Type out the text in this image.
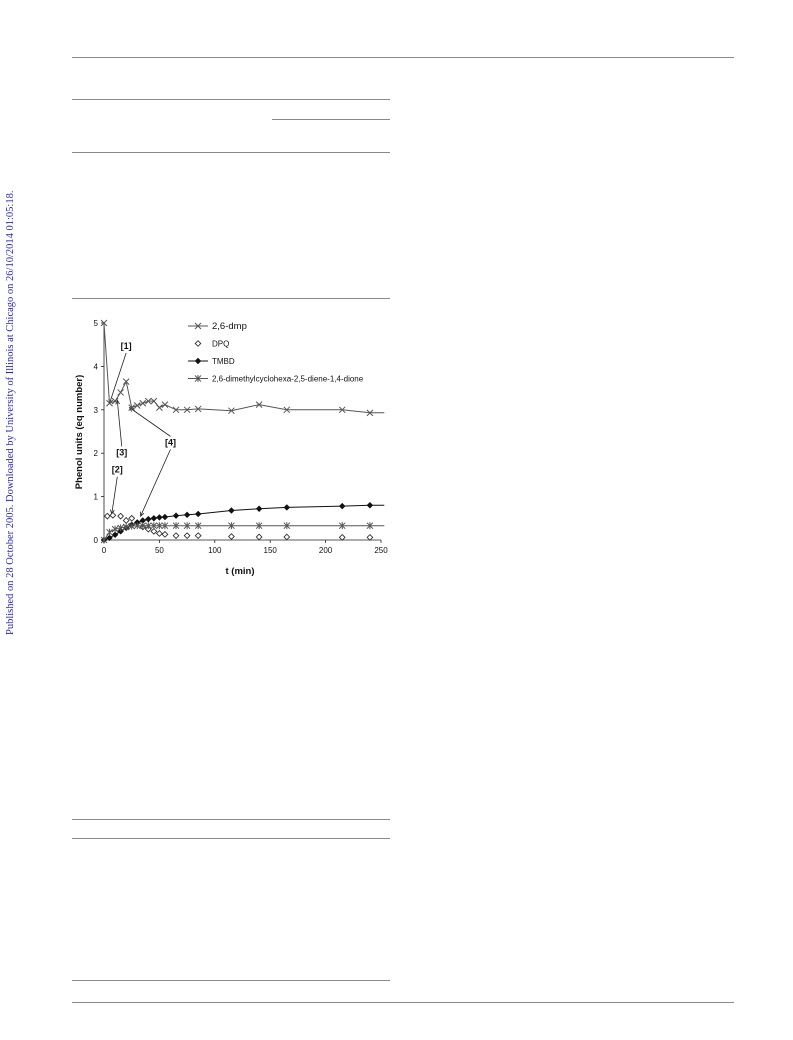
Published on 28 October 2005. Downloaded by University of Illinois at Chicago on 26/10/2014 01:05:18.	0
1
2
3
4
5
0	50	100	150	200	250
[1]
[2]
[3]
[4]
2,6-dmp
DPQ
TMBD
2,6-dimethylcyclohexa-2,5-diene-1,4-dione
t (min)
Phenol units (eq number)
